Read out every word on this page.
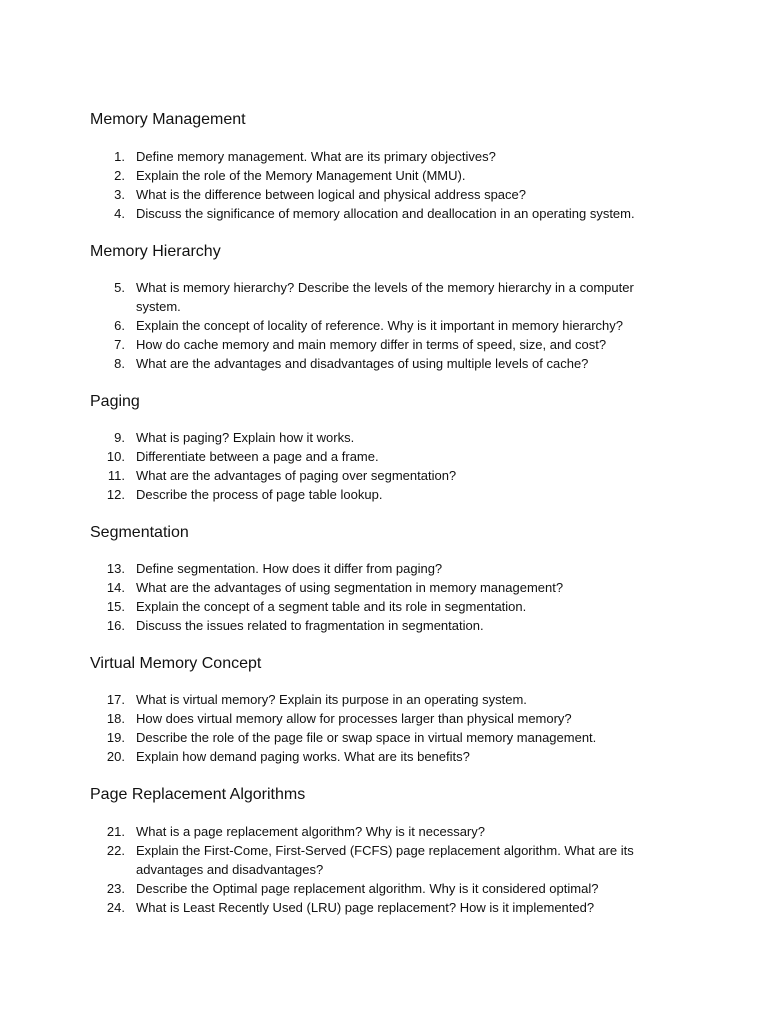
Memory Management
1. Define memory management. What are its primary objectives?
2. Explain the role of the Memory Management Unit (MMU).
3. What is the difference between logical and physical address space?
4. Discuss the significance of memory allocation and deallocation in an operating system.
Memory Hierarchy
5. What is memory hierarchy? Describe the levels of the memory hierarchy in a computer system.
6. Explain the concept of locality of reference. Why is it important in memory hierarchy?
7. How do cache memory and main memory differ in terms of speed, size, and cost?
8. What are the advantages and disadvantages of using multiple levels of cache?
Paging
9. What is paging? Explain how it works.
10. Differentiate between a page and a frame.
11. What are the advantages of paging over segmentation?
12. Describe the process of page table lookup.
Segmentation
13. Define segmentation. How does it differ from paging?
14. What are the advantages of using segmentation in memory management?
15. Explain the concept of a segment table and its role in segmentation.
16. Discuss the issues related to fragmentation in segmentation.
Virtual Memory Concept
17. What is virtual memory? Explain its purpose in an operating system.
18. How does virtual memory allow for processes larger than physical memory?
19. Describe the role of the page file or swap space in virtual memory management.
20. Explain how demand paging works. What are its benefits?
Page Replacement Algorithms
21. What is a page replacement algorithm? Why is it necessary?
22. Explain the First-Come, First-Served (FCFS) page replacement algorithm. What are its advantages and disadvantages?
23. Describe the Optimal page replacement algorithm. Why is it considered optimal?
24. What is Least Recently Used (LRU) page replacement? How is it implemented?
